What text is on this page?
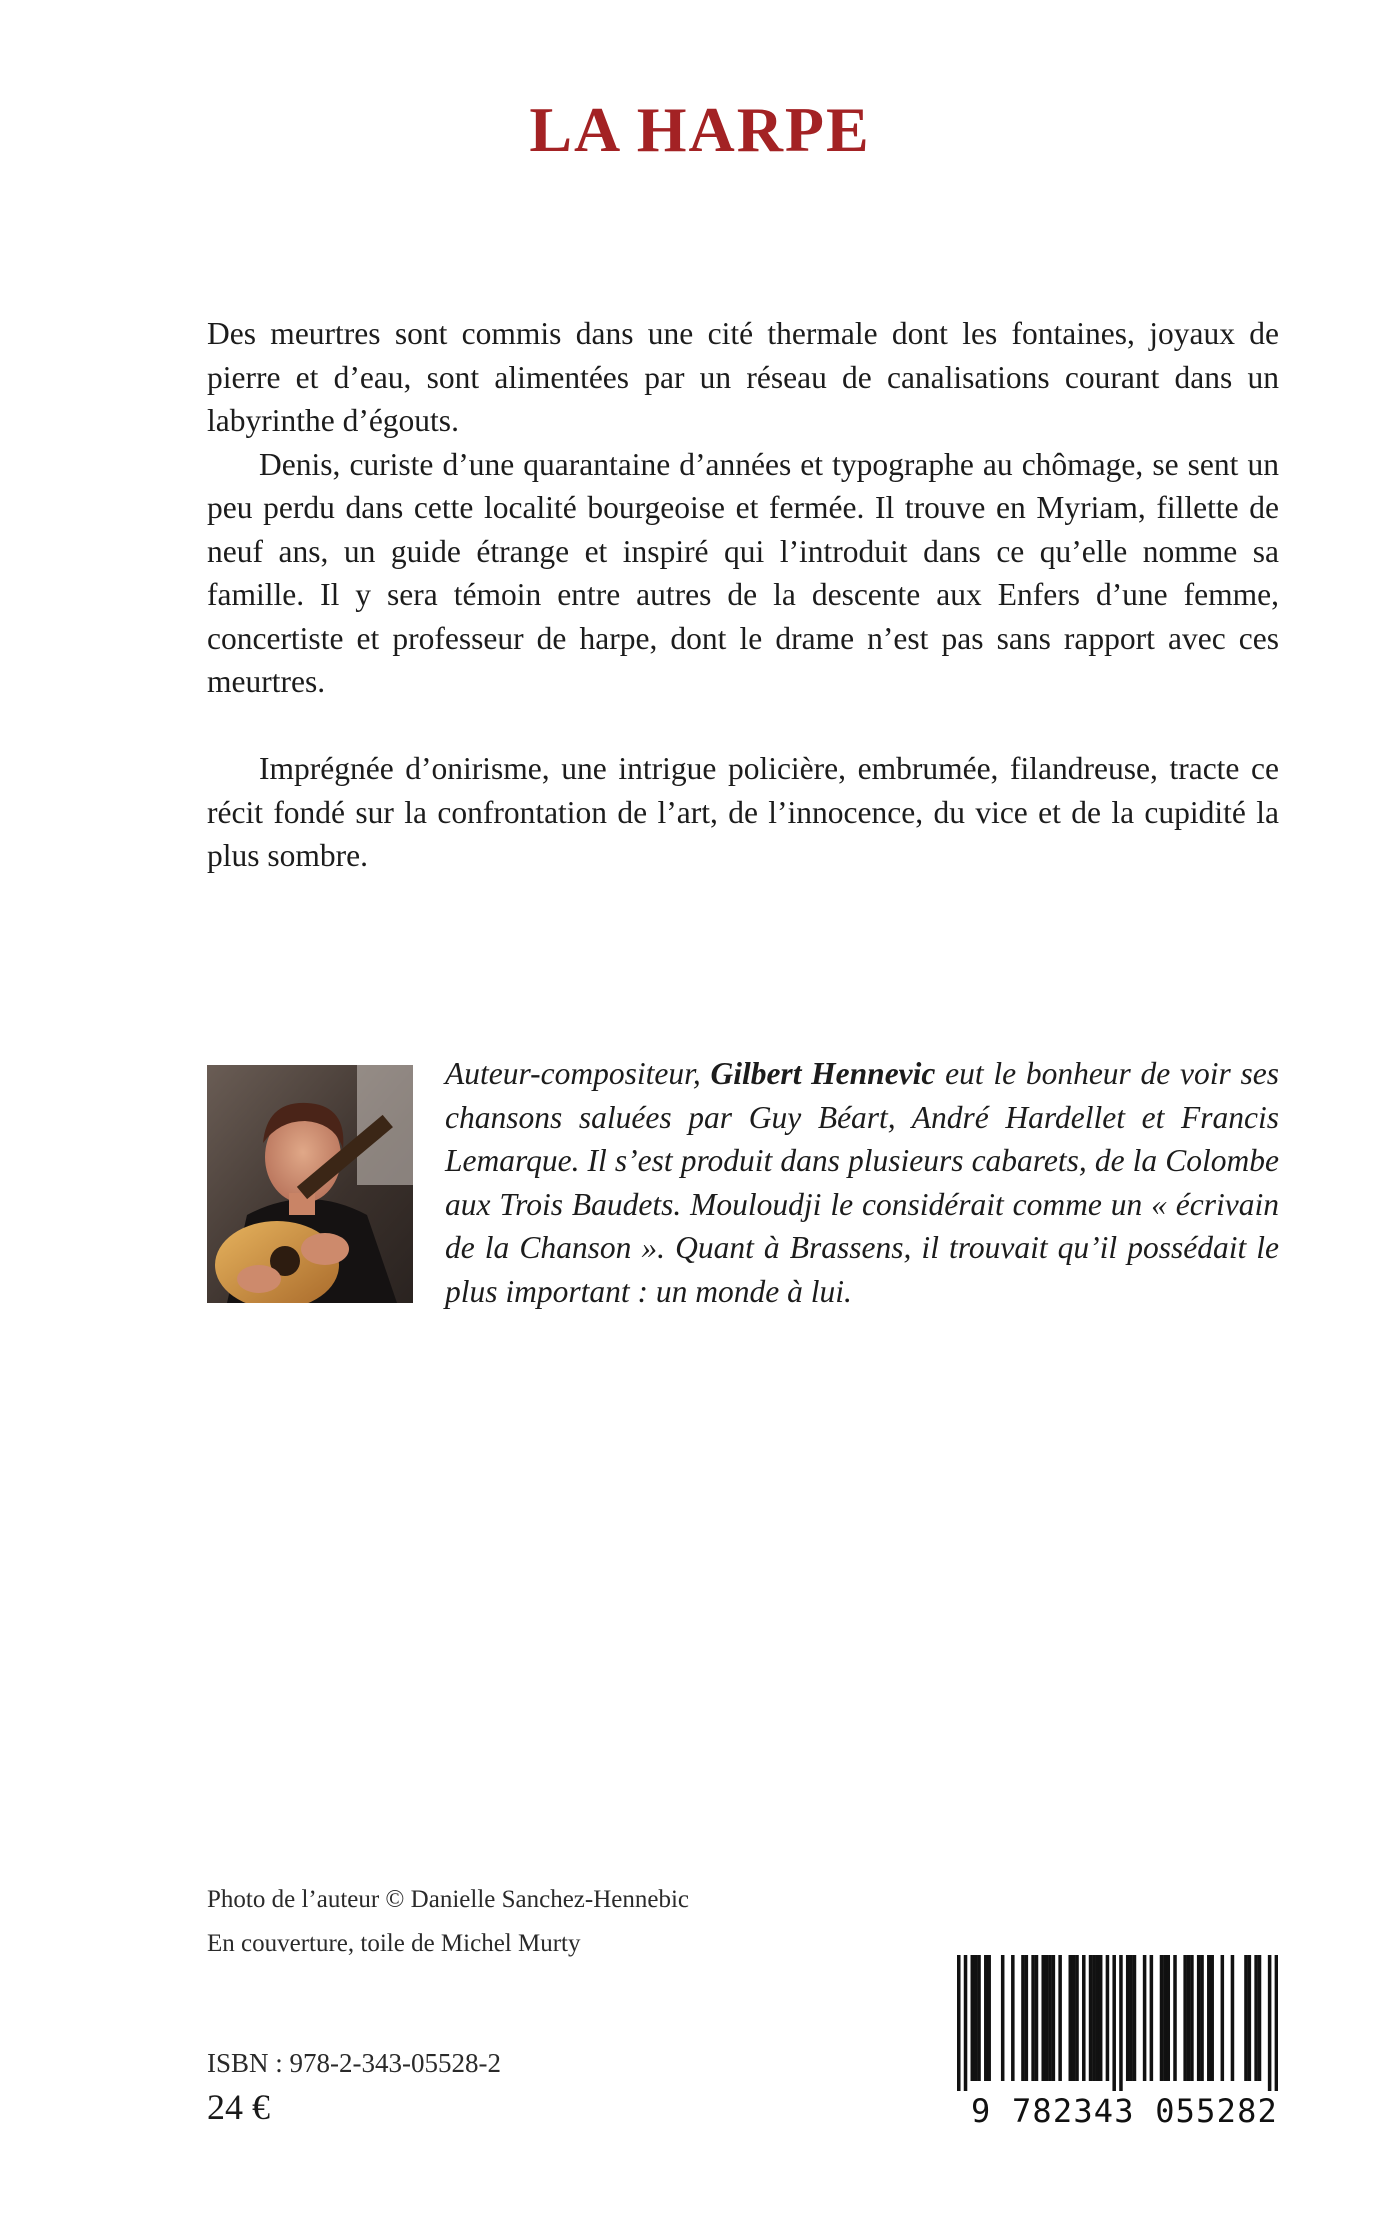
LA HARPE

Des meurtres sont commis dans une cité thermale dont les fontaines, joyaux de pierre et d’eau, sont alimentées par un réseau de canalisations courant dans un labyrinthe d’égouts.

Denis, curiste d’une quarantaine d’années et typographe au chômage, se sent un peu perdu dans cette localité bourgeoise et fermée. Il trouve en Myriam, fillette de neuf ans, un guide étrange et inspiré qui l’introduit dans ce qu’elle nomme sa famille. Il y sera témoin entre autres de la descente aux Enfers d’une femme, concertiste et professeur de harpe, dont le drame n’est pas sans rapport avec ces meurtres.

Imprégnée d’onirisme, une intrigue policière, embrumée, filandreuse, tracte ce récit fondé sur la confrontation de l’art, de l’innocence, du vice et de la cupidité la plus sombre.

Auteur-compositeur, Gilbert Hennevic eut le bonheur de voir ses chansons saluées par Guy Béart, André Hardellet et Francis Lemarque. Il s’est produit dans plusieurs cabarets, de la Colombe aux Trois Baudets. Mouloudji le considérait comme un « écrivain de la Chanson ». Quant à Brassens, il trouvait qu’il possédait le plus important : un monde à lui.

Photo de l’auteur © Danielle Sanchez-Hennebic
En couverture, toile de Michel Murty
ISBN : 978-2-343-05528-2
24 €	9 782343 055282
